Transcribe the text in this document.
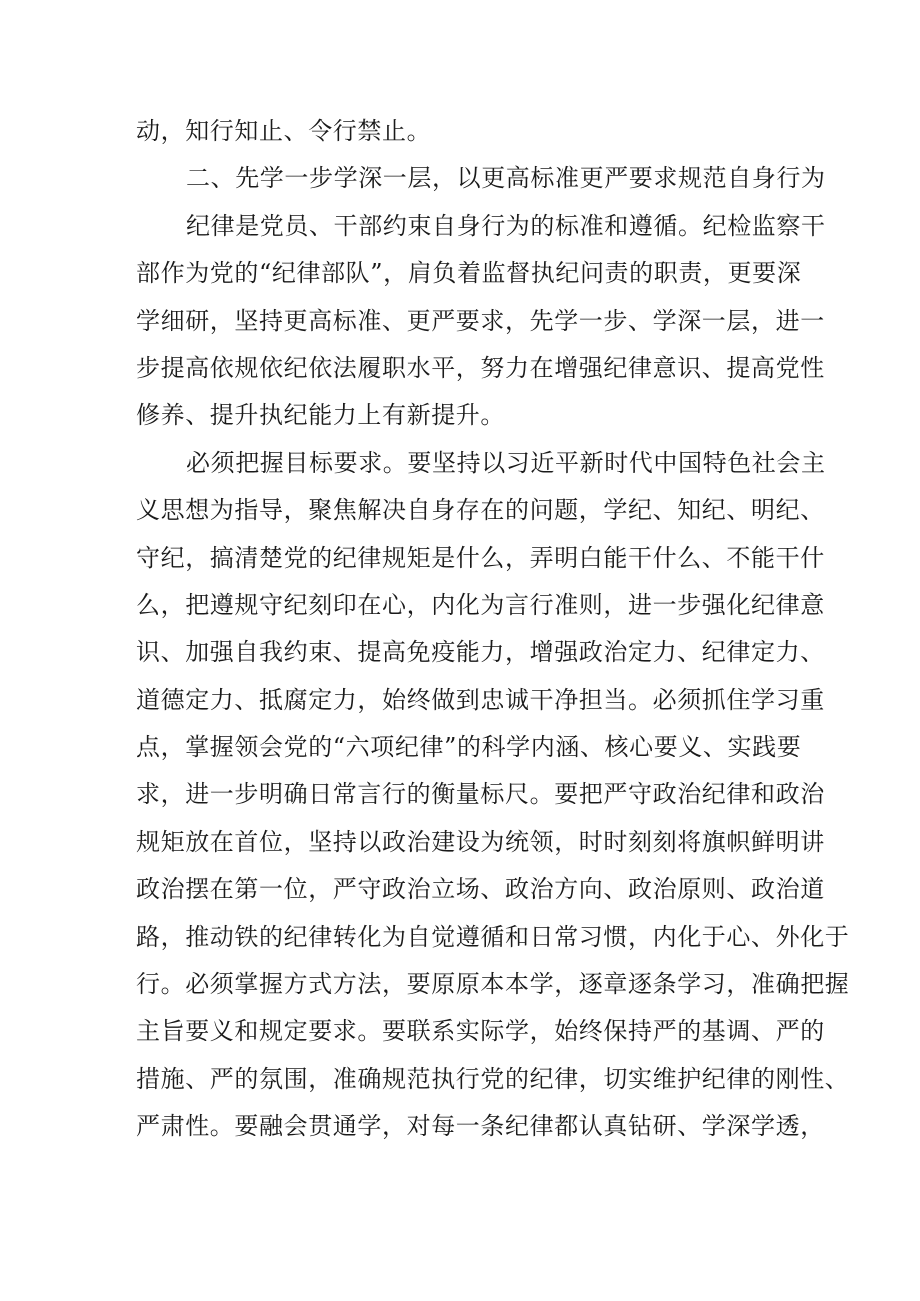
动，知行知止、令行禁止。
二、先学一步学深一层，以更高标准更严要求规范自身行为
纪律是党员、干部约束自身行为的标准和遵循。纪检监察干
部作为党的“纪律部队”，肩负着监督执纪问责的职责，更要深
学细研，坚持更高标准、更严要求，先学一步、学深一层，进一
步提高依规依纪依法履职水平，努力在增强纪律意识、提高党性
修养、提升执纪能力上有新提升。
必须把握目标要求。要坚持以习近平新时代中国特色社会主
义思想为指导，聚焦解决自身存在的问题，学纪、知纪、明纪、
守纪，搞清楚党的纪律规矩是什么，弄明白能干什么、不能干什
么，把遵规守纪刻印在心，内化为言行准则，进一步强化纪律意
识、加强自我约束、提高免疫能力，增强政治定力、纪律定力、
道德定力、抵腐定力，始终做到忠诚干净担当。必须抓住学习重
点，掌握领会党的“六项纪律”的科学内涵、核心要义、实践要
求，进一步明确日常言行的衡量标尺。要把严守政治纪律和政治
规矩放在首位，坚持以政治建设为统领，时时刻刻将旗帜鲜明讲
政治摆在第一位，严守政治立场、政治方向、政治原则、政治道
路，推动铁的纪律转化为自觉遵循和日常习惯，内化于心、外化于
行。必须掌握方式方法，要原原本本学，逐章逐条学习，准确把握
主旨要义和规定要求。要联系实际学，始终保持严的基调、严的
措施、严的氛围，准确规范执行党的纪律，切实维护纪律的刚性、
严肃性。要融会贯通学，对每一条纪律都认真钻研、学深学透，
